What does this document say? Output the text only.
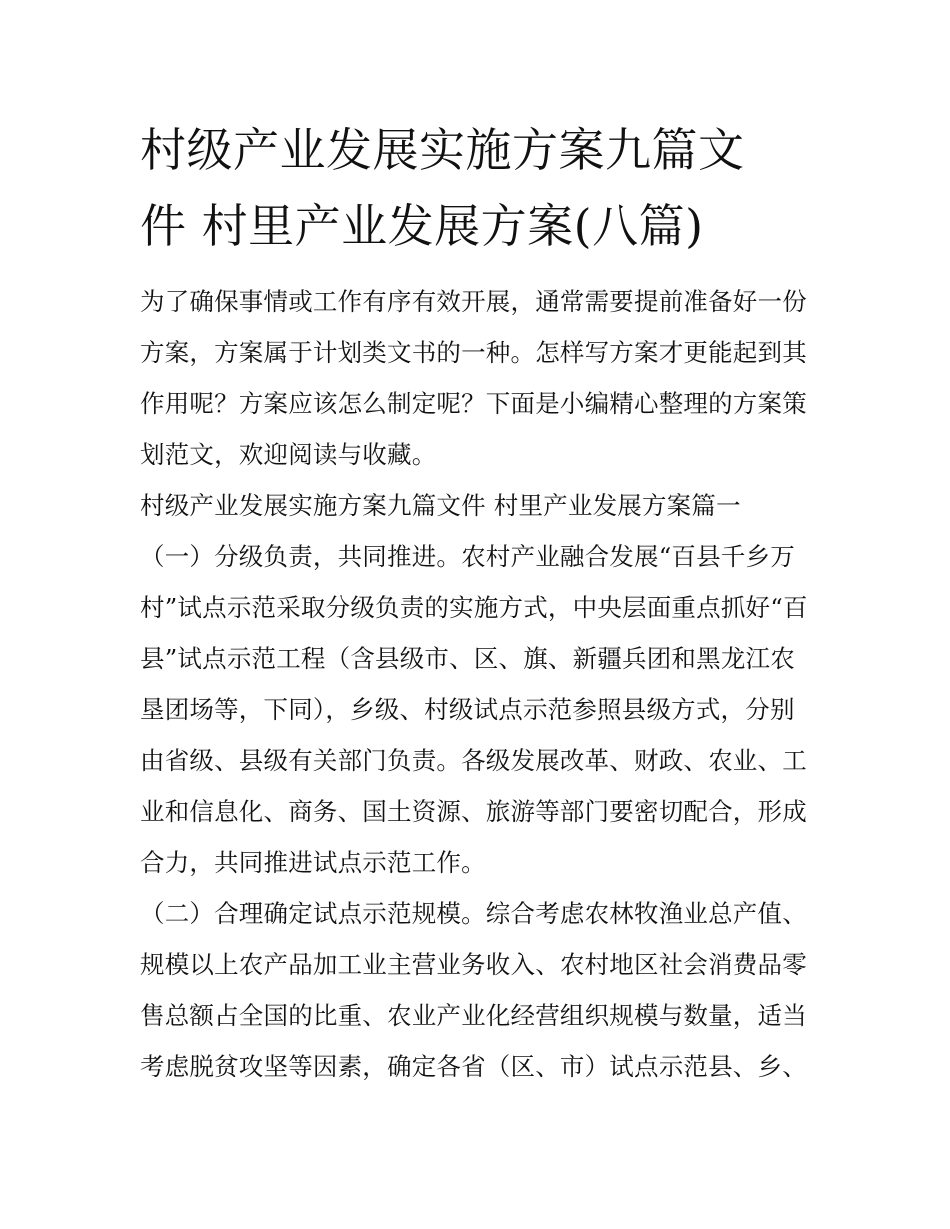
村级产业发展实施方案九篇文
件 村里产业发展方案(八篇)
为了确保事情或工作有序有效开展，通常需要提前准备好一份
方案，方案属于计划类文书的一种。怎样写方案才更能起到其
作用呢？方案应该怎么制定呢？下面是小编精心整理的方案策
划范文，欢迎阅读与收藏。
村级产业发展实施方案九篇文件 村里产业发展方案篇一
（一）分级负责，共同推进。农村产业融合发展“百县千乡万
村”试点示范采取分级负责的实施方式，中央层面重点抓好“百
县”试点示范工程（含县级市、区、旗、新疆兵团和黑龙江农
垦团场等，下同），乡级、村级试点示范参照县级方式，分别
由省级、县级有关部门负责。各级发展改革、财政、农业、工
业和信息化、商务、国土资源、旅游等部门要密切配合，形成
合力，共同推进试点示范工作。
（二）合理确定试点示范规模。综合考虑农林牧渔业总产值、
规模以上农产品加工业主营业务收入、农村地区社会消费品零
售总额占全国的比重、农业产业化经营组织规模与数量，适当
考虑脱贫攻坚等因素，确定各省（区、市）试点示范县、乡、
